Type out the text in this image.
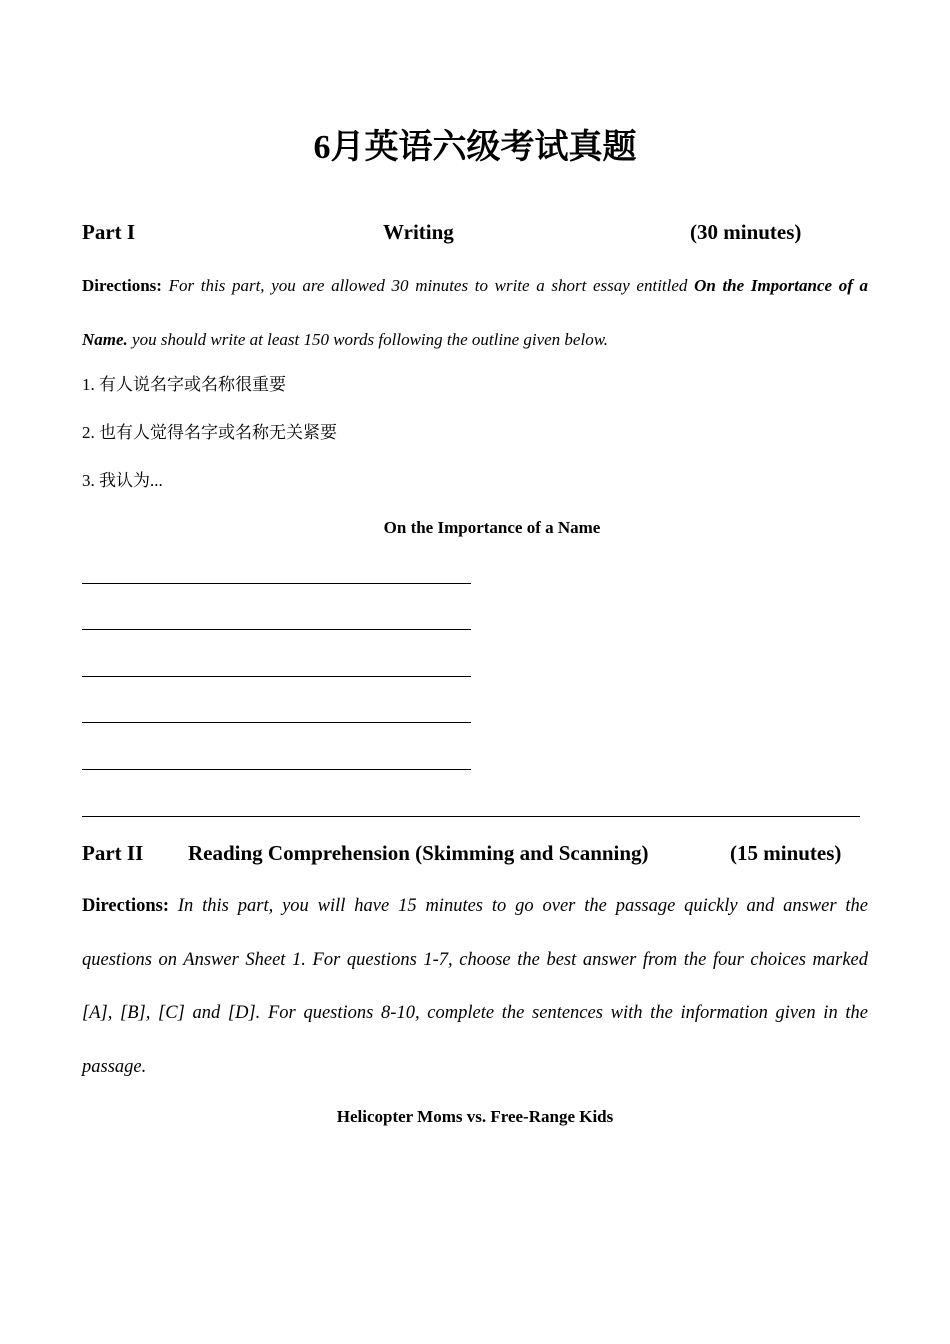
6月英语六级考试真题
Part I	Writing	(30 minutes)
Directions: For this part, you are allowed 30 minutes to write a short essay entitled On the Importance of a Name. you should write at least 150 words following the outline given below.
1. 有人说名字或名称很重要
2. 也有人觉得名字或名称无关紧要
3. 我认为...
On the Importance of a Name
Part II Reading Comprehension (Skimming and Scanning)	(15 minutes)
Directions: In this part, you will have 15 minutes to go over the passage quickly and answer the questions on Answer Sheet 1. For questions 1-7, choose the best answer from the four choices marked [A], [B], [C] and [D]. For questions 8-10, complete the sentences with the information given in the passage.
Helicopter Moms vs. Free-Range Kids
